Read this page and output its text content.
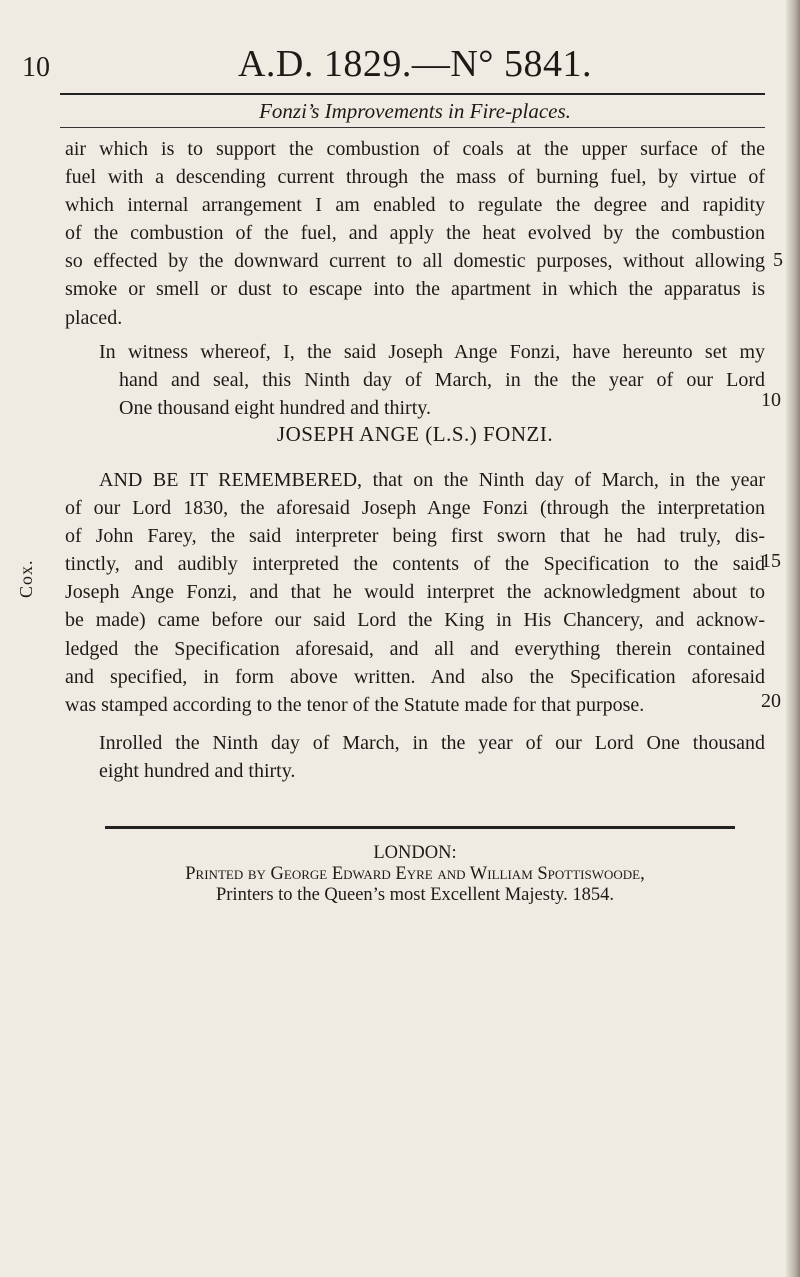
10	A.D. 1829.—N° 5841.
Fonzi’s Improvements in Fire-places.
air which is to support the combustion of coals at the upper surface of the
fuel with a descending current through the mass of burning fuel, by virtue of
which internal arrangement I am enabled to regulate the degree and rapidity
of the combustion of the fuel, and apply the heat evolved by the combustion
so effected by the downward current to all domestic purposes, without allowing
smoke or smell or dust to escape into the apartment in which the apparatus is
placed.
In witness whereof, I, the said Joseph Ange Fonzi, have hereunto set my
hand and seal, this Ninth day of March, in the the year of our Lord
One thousand eight hundred and thirty.
JOSEPH ANGE (L.S.) FONZI.
AND BE IT REMEMBERED, that on the Ninth day of March, in the year
of our Lord 1830, the aforesaid Joseph Ange Fonzi (through the interpretation
of John Farey, the said interpreter being first sworn that he had truly, dis-
tinctly, and audibly interpreted the contents of the Specification to the said
Joseph Ange Fonzi, and that he would interpret the acknowledgment about to
be made) came before our said Lord the King in His Chancery, and acknow-
ledged the Specification aforesaid, and all and everything therein contained
and specified, in form above written. And also the Specification aforesaid
was stamped according to the tenor of the Statute made for that purpose.
Inrolled the Ninth day of March, in the year of our Lord One thousand
eight hundred and thirty.
5
10
15
20
Cox.
LONDON:
Printed by George Edward Eyre and William Spottiswoode,
Printers to the Queen’s most Excellent Majesty. 1854.
